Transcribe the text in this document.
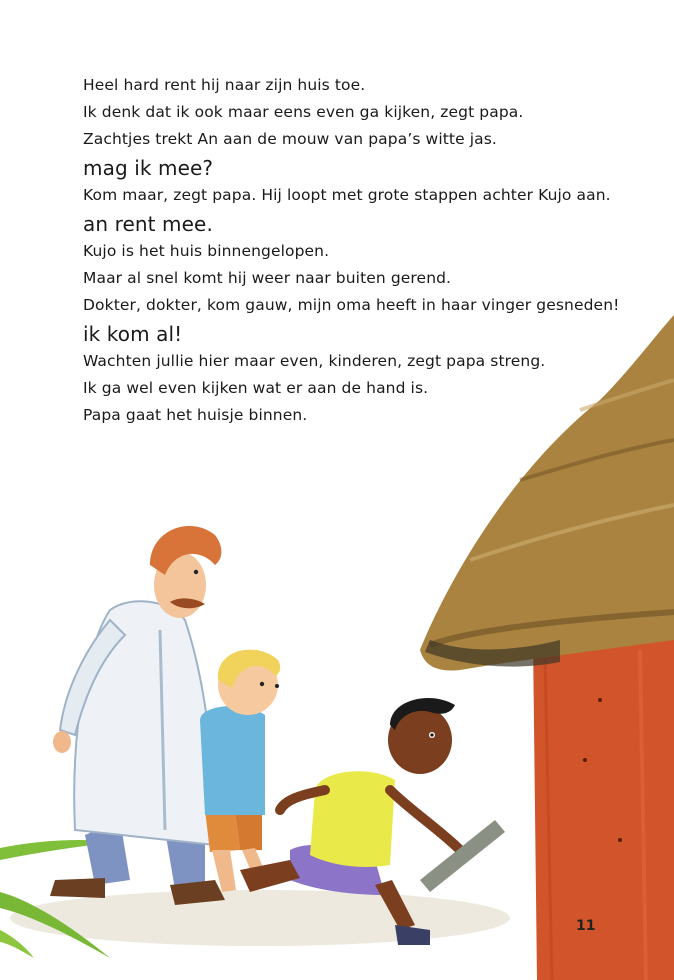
Heel hard rent hij naar zijn huis toe.

Ik denk dat ik ook maar eens even ga kijken, zegt papa.

Zachtjes trekt An aan de mouw van papa’s witte jas.

mag ik mee?

Kom maar, zegt papa. Hij loopt met grote stappen achter Kujo aan.

an rent mee.

Kujo is het huis binnengelopen.

Maar al snel komt hij weer naar buiten gerend.

Dokter, dokter, kom gauw, mijn oma heeft in haar vinger gesneden!

ik kom al!

Wachten jullie hier maar even, kinderen, zegt papa streng.

Ik ga wel even kijken wat er aan de hand is.

Papa gaat het huisje binnen.

11
